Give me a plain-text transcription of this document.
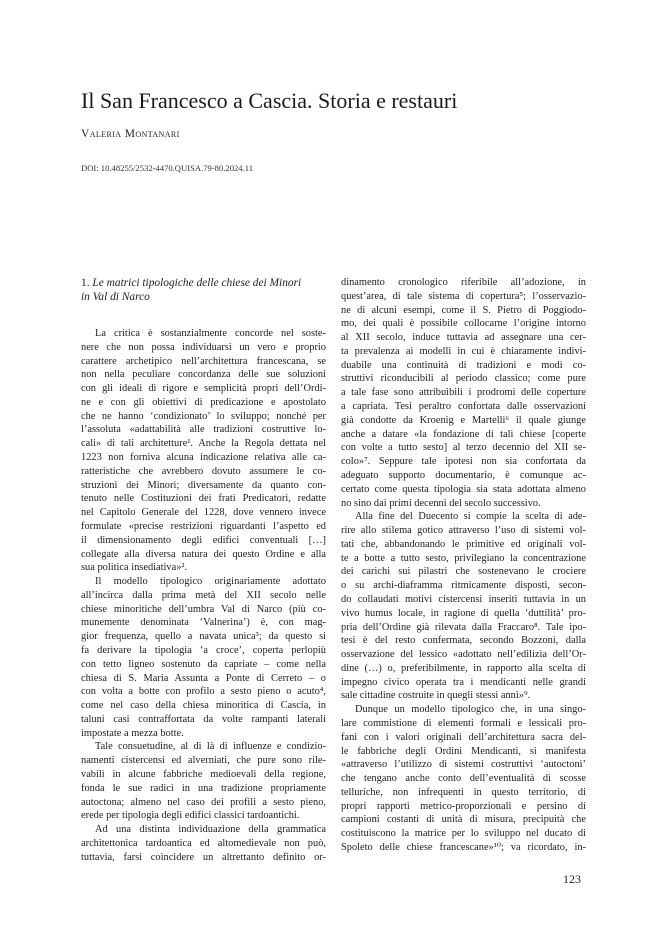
Il San Francesco a Cascia. Storia e restauri
Valeria Montanari
DOI: 10.48255/2532-4470.QUISA.79-80.2024.11
1. Le matrici tipologiche delle chiese dei Minori
in Val di Narco
La critica è sostanzialmente concorde nel soste-
nere che non possa individuarsi un vero e proprio
carattere archetipico nell’architettura francescana, se
non nella peculiare concordanza delle sue soluzioni
con gli ideali di rigore e semplicità propri dell’Ordi-
ne e con gli obiettivi di predicazione e apostolato
che ne hanno ‘condizionato’ lo sviluppo; nonché per
l’assoluta «adattabilità alle tradizioni costruttive lo-
cali» di tali architetture¹. Anche la Regola dettata nel
1223 non forniva alcuna indicazione relativa alle ca-
ratteristiche che avrebbero dovuto assumere le co-
struzioni dei Minori; diversamente da quanto con-
tenuto nelle Costituzioni dei frati Predicatori, redatte
nel Capitolo Generale del 1228, dove vennero invece
formulate «precise restrizioni riguardanti l’aspetto ed
il dimensionamento degli edifici conventuali […]
collegate alla diversa natura dei questo Ordine e alla
sua politica insediativa»².
Il modello tipologico originariamente adottato
all’incirca dalla prima metà del XII secolo nelle
chiese minoritiche dell’umbra Val di Narco (più co-
munemente denominata ‘Valnerina’) è, con mag-
gior frequenza, quello a navata unica³; da questo si
fa derivare la tipologia ‘a croce’, coperta perlopiù
con tetto ligneo sostenuto da capriate – come nella
chiesa di S. Maria Assunta a Ponte di Cerreto – o
con volta a botte con profilo a sesto pieno o acuto⁴,
come nel caso della chiesa minoritica di Cascia, in
taluni casi contraffortata da volte rampanti laterali
impostate a mezza botte.
Tale consuetudine, al di là di influenze e condizio-
namenti cistercensi ed alverniati, che pure sono rile-
vabili in alcune fabbriche medioevali della regione,
fonda le sue radici in una tradizione propriamente
autoctona; almeno nel caso dei profili a sesto pieno,
erede per tipologia degli edifici classici tardoantichi.
Ad una distinta individuazione della grammatica
architettonica tardoantica ed altomedievale non può,
tuttavia, farsi coincidere un altrettanto definito or-
dinamento cronologico riferibile all’adozione, in
quest’area, di tale sistema di copertura⁵; l’osservazio-
ne di alcuni esempi, come il S. Pietro di Poggiodo-
mo, dei quali è possibile collocarne l’origine intorno
al XII secolo, induce tuttavia ad assegnare una cer-
ta prevalenza ai modelli in cui è chiaramente indivi-
duabile una continuità di tradizioni e modi co-
struttivi riconducibili al periodo classico; come pure
a tale fase sono attribuibili i prodromi delle coperture
a capriata. Tesi peraltro confortata dalle osservazioni
già condotte da Kroenig e Martelli⁶ il quale giunge
anche a datare «la fondazione di tali chiese [coperte
con volte a tutto sesto] al terzo decennio del XII se-
colo»⁷. Seppure tale ipotesi non sia confortata da
adeguato supporto documentario, è comunque ac-
certato come questa tipologia sia stata adottata almeno
no sino dai primi decenni del secolo successivo.
Alla fine del Duecento si compie la scelta di ade-
rire allo stilema gotico attraverso l’uso di sistemi vol-
tati che, abbandonando le primitive ed originali vol-
te a botte a tutto sesto, privilegiano la concentrazione
dei carichi sui pilastri che sostenevano le crociere
o su archi-diaframma ritmicamente disposti, secon-
do collaudati motivi cistercensi inseriti tuttavia in un
vivo humus locale, in ragione di quella ‘duttilità’ pro-
pria dell’Ordine già rilevata dalla Fraccaro⁸. Tale ipo-
tesi è del resto confermata, secondo Bozzoni, dalla
osservazione del lessico «adottato nell’edilizia dell’Or-
dine (…) o, preferibilmente, in rapporto alla scelta di
impegno civico operata tra i mendicanti nelle grandi
sale cittadine costruite in quegli stessi anni»⁹.
Dunque un modello tipologico che, in una singo-
lare commistione di elementi formali e lessicali pro-
fani con i valori originali dell’architettura sacra del-
le fabbriche degli Ordini Mendicanti, si manifesta
«attraverso l’utilizzo di sistemi costruttivi ‘autoctoni’
che tengano anche conto dell’eventualità di scosse
telluriche, non infrequenti in questo territorio, di
propri rapporti metrico-proporzionali e persino di
campioni costanti di unità di misura, precipuità che
costituiscono la matrice per lo sviluppo nel ducato di
Spoleto delle chiese francescane»¹⁰; va ricordato, in-
123
